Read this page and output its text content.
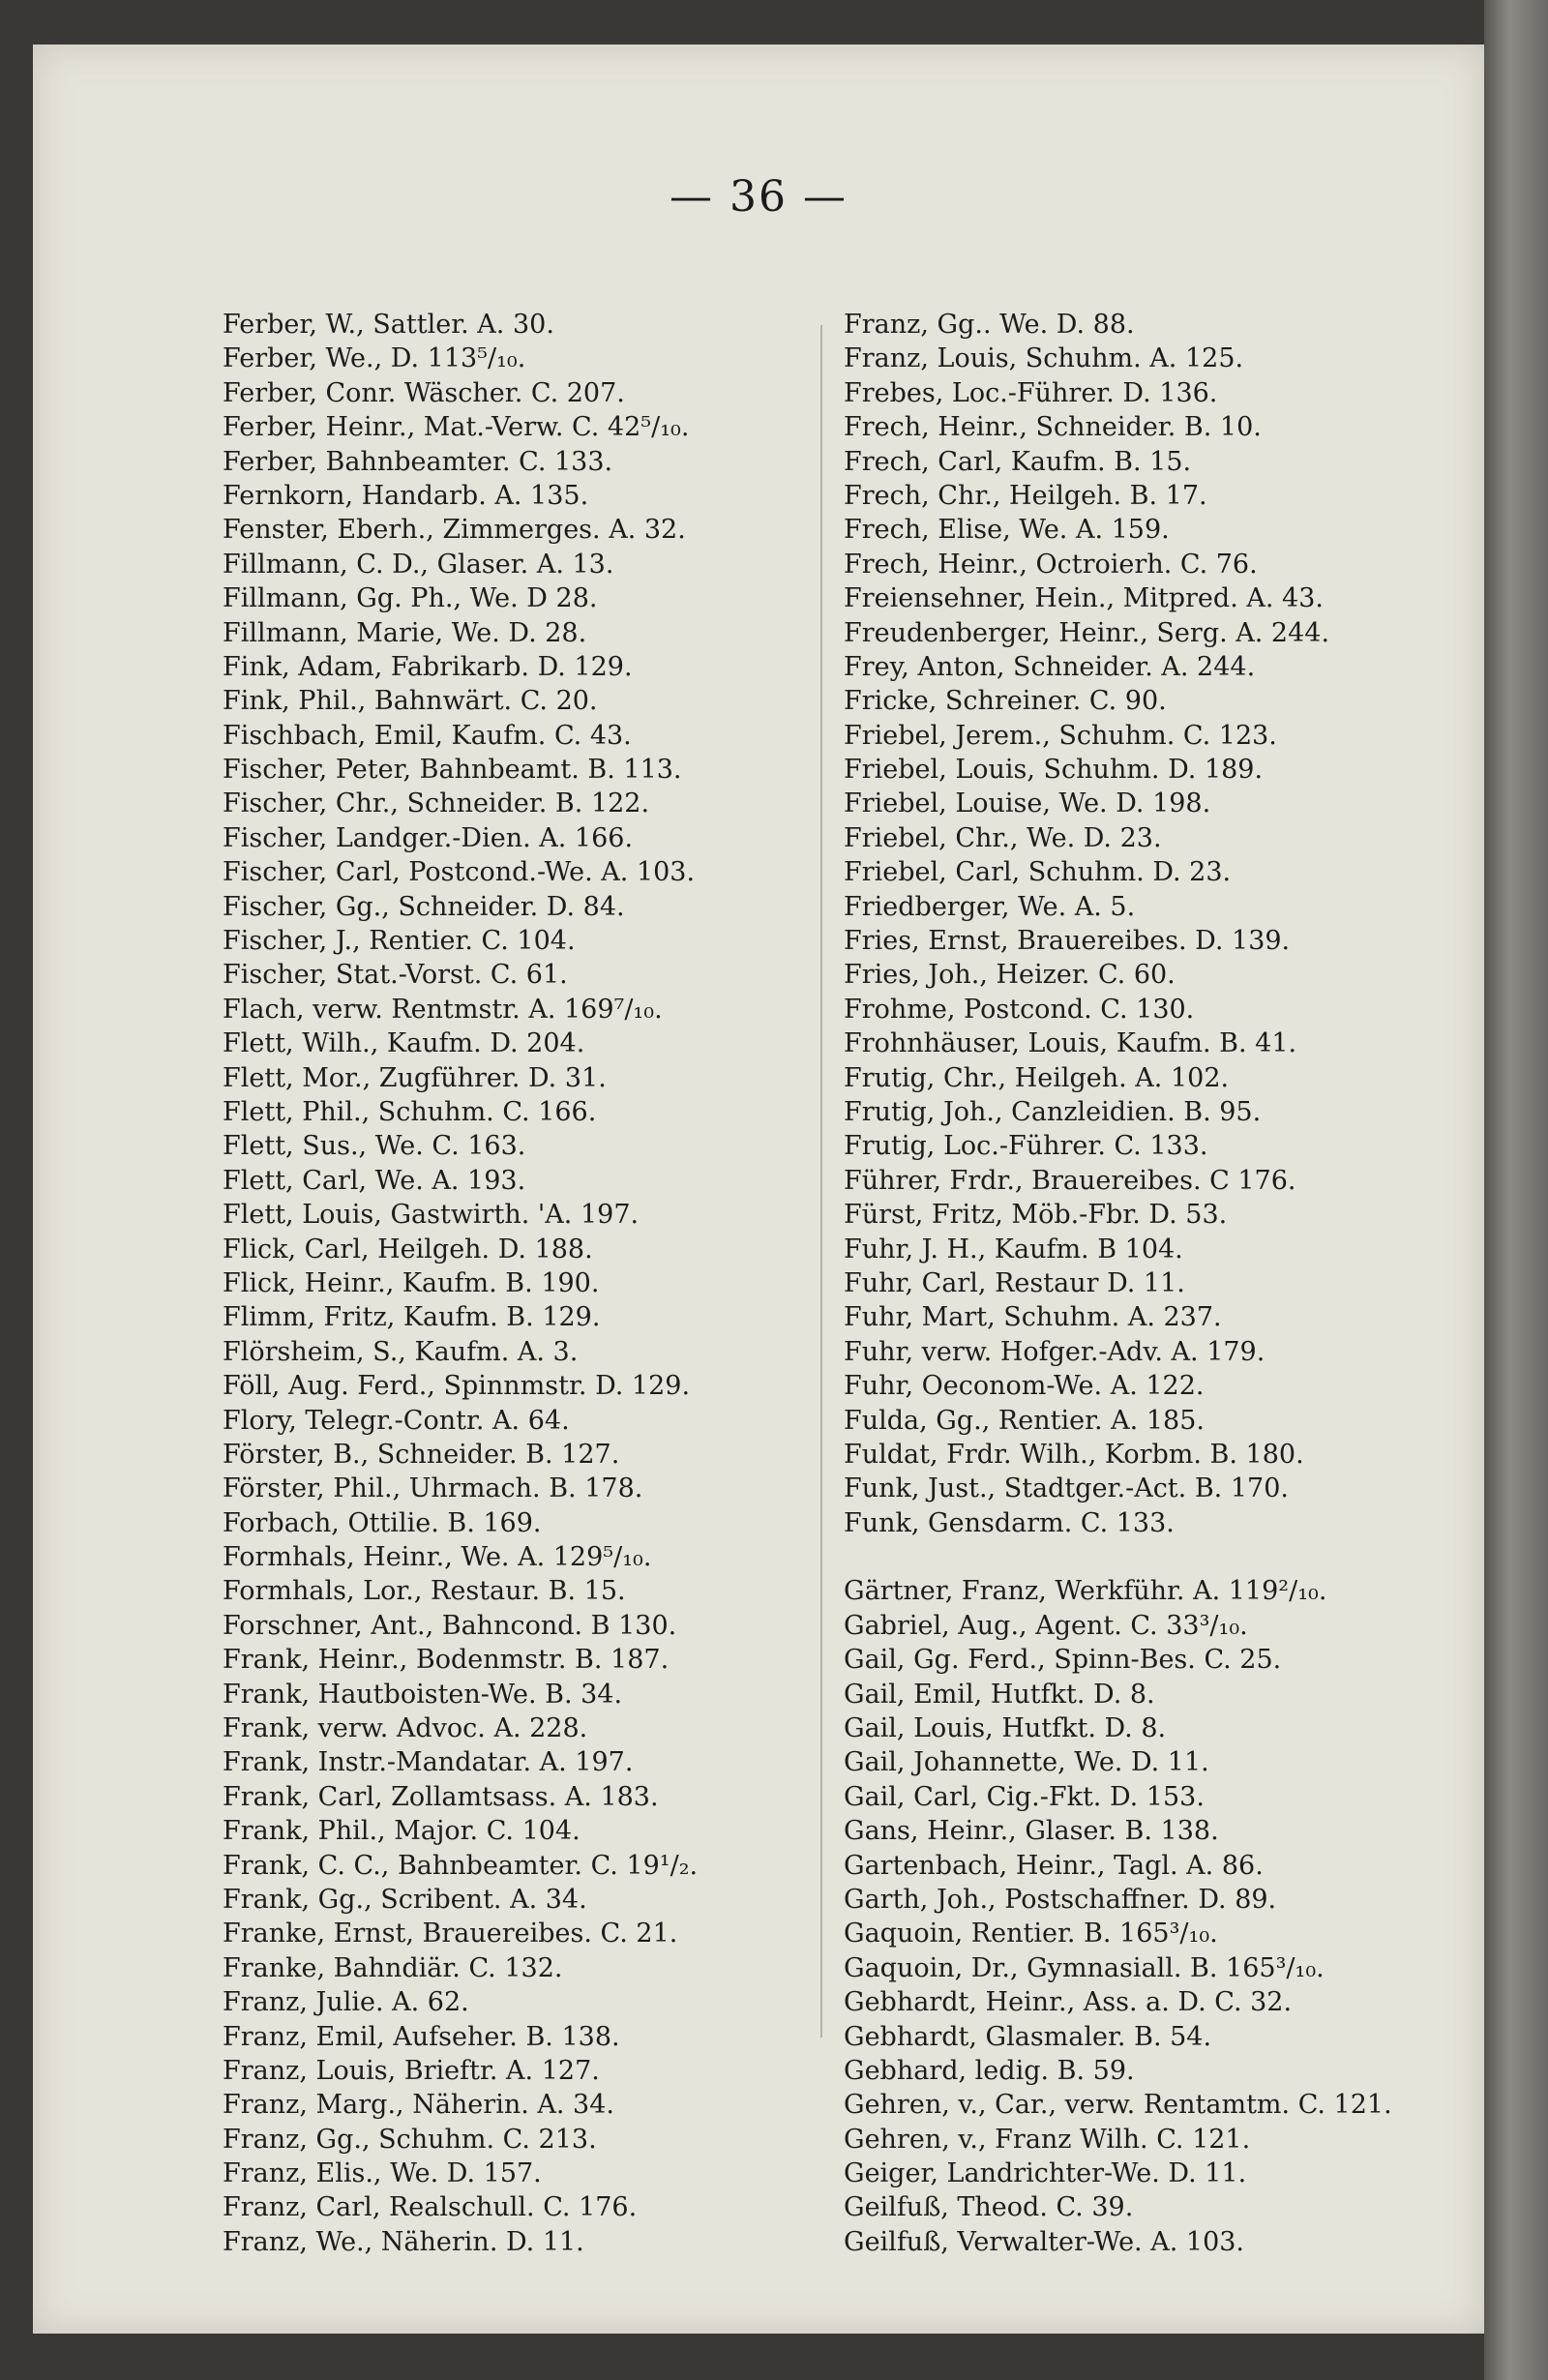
— 36 —
Ferber, W., Sattler. A. 30.
Ferber, We., D. 113⁵/₁₀.
Ferber, Conr. Wäscher. C. 207.
Ferber, Heinr., Mat.-Verw. C. 42⁵/₁₀.
Ferber, Bahnbeamter. C. 133.
Fernkorn, Handarb. A. 135.
Fenster, Eberh., Zimmerges. A. 32.
Fillmann, C. D., Glaser. A. 13.
Fillmann, Gg. Ph., We. D 28.
Fillmann, Marie, We. D. 28.
Fink, Adam, Fabrikarb. D. 129.
Fink, Phil., Bahnwärt. C. 20.
Fischbach, Emil, Kaufm. C. 43.
Fischer, Peter, Bahnbeamt. B. 113.
Fischer, Chr., Schneider. B. 122.
Fischer, Landger.-Dien. A. 166.
Fischer, Carl, Postcond.-We. A. 103.
Fischer, Gg., Schneider. D. 84.
Fischer, J., Rentier. C. 104.
Fischer, Stat.-Vorst. C. 61.
Flach, verw. Rentmstr. A. 169⁷/₁₀.
Flett, Wilh., Kaufm. D. 204.
Flett, Mor., Zugführer. D. 31.
Flett, Phil., Schuhm. C. 166.
Flett, Sus., We. C. 163.
Flett, Carl, We. A. 193.
Flett, Louis, Gastwirth. 'A. 197.
Flick, Carl, Heilgeh. D. 188.
Flick, Heinr., Kaufm. B. 190.
Flimm, Fritz, Kaufm. B. 129.
Flörsheim, S., Kaufm. A. 3.
Föll, Aug. Ferd., Spinnmstr. D. 129.
Flory, Telegr.-Contr. A. 64.
Förster, B., Schneider. B. 127.
Förster, Phil., Uhrmach. B. 178.
Forbach, Ottilie. B. 169.
Formhals, Heinr., We. A. 129⁵/₁₀.
Formhals, Lor., Restaur. B. 15.
Forschner, Ant., Bahncond. B 130.
Frank, Heinr., Bodenmstr. B. 187.
Frank, Hautboisten-We. B. 34.
Frank, verw. Advoc. A. 228.
Frank, Instr.-Mandatar. A. 197.
Frank, Carl, Zollamtsass. A. 183.
Frank, Phil., Major. C. 104.
Frank, C. C., Bahnbeamter. C. 19¹/₂.
Frank, Gg., Scribent. A. 34.
Franke, Ernst, Brauereibes. C. 21.
Franke, Bahndiär. C. 132.
Franz, Julie. A. 62.
Franz, Emil, Aufseher. B. 138.
Franz, Louis, Brieftr. A. 127.
Franz, Marg., Näherin. A. 34.
Franz, Gg., Schuhm. C. 213.
Franz, Elis., We. D. 157.
Franz, Carl, Realschull. C. 176.
Franz, We., Näherin. D. 11.
Franz, Gg.. We. D. 88.
Franz, Louis, Schuhm. A. 125.
Frebes, Loc.-Führer. D. 136.
Frech, Heinr., Schneider. B. 10.
Frech, Carl, Kaufm. B. 15.
Frech, Chr., Heilgeh. B. 17.
Frech, Elise, We. A. 159.
Frech, Heinr., Octroierh. C. 76.
Freiensehner, Hein., Mitpred. A. 43.
Freudenberger, Heinr., Serg. A. 244.
Frey, Anton, Schneider. A. 244.
Fricke, Schreiner. C. 90.
Friebel, Jerem., Schuhm. C. 123.
Friebel, Louis, Schuhm. D. 189.
Friebel, Louise, We. D. 198.
Friebel, Chr., We. D. 23.
Friebel, Carl, Schuhm. D. 23.
Friedberger, We. A. 5.
Fries, Ernst, Brauereibes. D. 139.
Fries, Joh., Heizer. C. 60.
Frohme, Postcond. C. 130.
Frohnhäuser, Louis, Kaufm. B. 41.
Frutig, Chr., Heilgeh. A. 102.
Frutig, Joh., Canzleidien. B. 95.
Frutig, Loc.-Führer. C. 133.
Führer, Frdr., Brauereibes. C 176.
Fürst, Fritz, Möb.-Fbr. D. 53.
Fuhr, J. H., Kaufm. B 104.
Fuhr, Carl, Restaur D. 11.
Fuhr, Mart, Schuhm. A. 237.
Fuhr, verw. Hofger.-Adv. A. 179.
Fuhr, Oeconom-We. A. 122.
Fulda, Gg., Rentier. A. 185.
Fuldat, Frdr. Wilh., Korbm. B. 180.
Funk, Just., Stadtger.-Act. B. 170.
Funk, Gensdarm. C. 133.
Gärtner, Franz, Werkführ. A. 119²/₁₀.
Gabriel, Aug., Agent. C. 33³/₁₀.
Gail, Gg. Ferd., Spinn-Bes. C. 25.
Gail, Emil, Hutfkt. D. 8.
Gail, Louis, Hutfkt. D. 8.
Gail, Johannette, We. D. 11.
Gail, Carl, Cig.-Fkt. D. 153.
Gans, Heinr., Glaser. B. 138.
Gartenbach, Heinr., Tagl. A. 86.
Garth, Joh., Postschaffner. D. 89.
Gaquoin, Rentier. B. 165³/₁₀.
Gaquoin, Dr., Gymnasiall. B. 165³/₁₀.
Gebhardt, Heinr., Ass. a. D. C. 32.
Gebhardt, Glasmaler. B. 54.
Gebhard, ledig. B. 59.
Gehren, v., Car., verw. Rentamtm. C. 121.
Gehren, v., Franz Wilh. C. 121.
Geiger, Landrichter-We. D. 11.
Geilfuß, Theod. C. 39.
Geilfuß, Verwalter-We. A. 103.
